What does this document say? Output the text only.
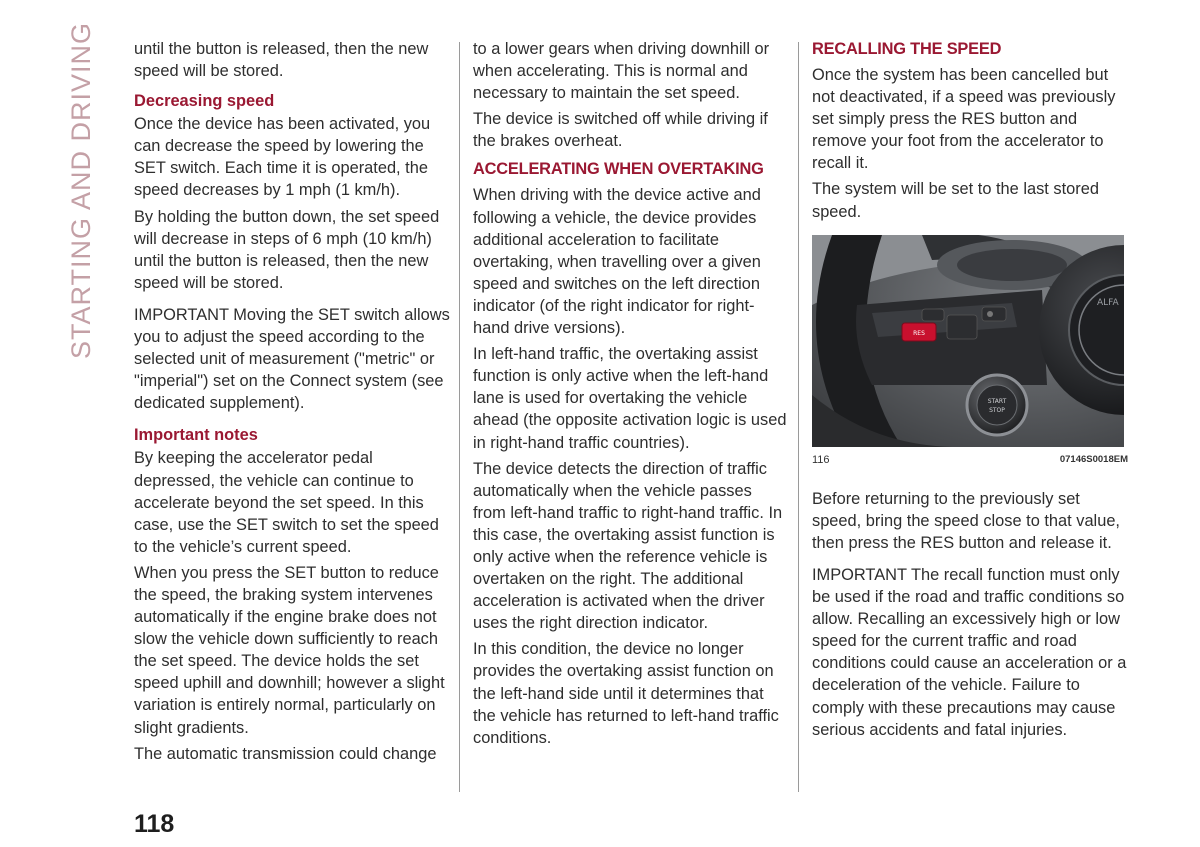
STARTING AND DRIVING until the button is released, then the new speed will be stored.

Decreasing speed

Once the device has been activated, you can decrease the speed by lowering the SET switch. Each time it is operated, the speed decreases by 1 mph (1 km/h).

By holding the button down, the set speed will decrease in steps of 6 mph (10 km/h) until the button is released, then the new speed will be stored.

IMPORTANT Moving the SET switch allows you to adjust the speed according to the selected unit of measurement ("metric" or "imperial") set on the Connect system (see dedicated supplement).

Important notes

By keeping the accelerator pedal depressed, the vehicle can continue to accelerate beyond the set speed. In this case, use the SET switch to set the speed to the vehicle’s current speed.

When you press the SET button to reduce the speed, the braking system intervenes automatically if the engine brake does not slow the vehicle down sufficiently to reach the set speed. The device holds the set speed uphill and downhill; however a slight variation is entirely normal, particularly on slight gradients.

The automatic transmission could change

to a lower gears when driving downhill or when accelerating. This is normal and necessary to maintain the set speed.

The device is switched off while driving if the brakes overheat.

ACCELERATING WHEN OVERTAKING

When driving with the device active and following a vehicle, the device provides additional acceleration to facilitate overtaking, when travelling over a given speed and switches on the left direction indicator (of the right indicator for right-hand drive versions).

In left-hand traffic, the overtaking assist function is only active when the left-hand lane is used for overtaking the vehicle ahead (the opposite activation logic is used in right-hand traffic countries).

The device detects the direction of traffic automatically when the vehicle passes from left-hand traffic to right-hand traffic. In this case, the overtaking assist function is only active when the reference vehicle is overtaken on the right. The additional acceleration is activated when the driver uses the right direction indicator.

In this condition, the device no longer provides the overtaking assist function on the left-hand side until it determines that the vehicle has returned to left-hand traffic conditions.

RECALLING THE SPEED

Once the system has been cancelled but not deactivated, if a speed was previously set simply press the RES button and remove your foot from the accelerator to recall it.

The system will be set to the last stored speed.

ALFA
RES
START
STOP
116	07146S0018EM

Before returning to the previously set speed, bring the speed close to that value, then press the RES button and release it.

IMPORTANT The recall function must only be used if the road and traffic conditions so allow. Recalling an excessively high or low speed for the current traffic and road conditions could cause an acceleration or a deceleration of the vehicle. Failure to comply with these precautions may cause serious accidents and fatal injuries.

118
